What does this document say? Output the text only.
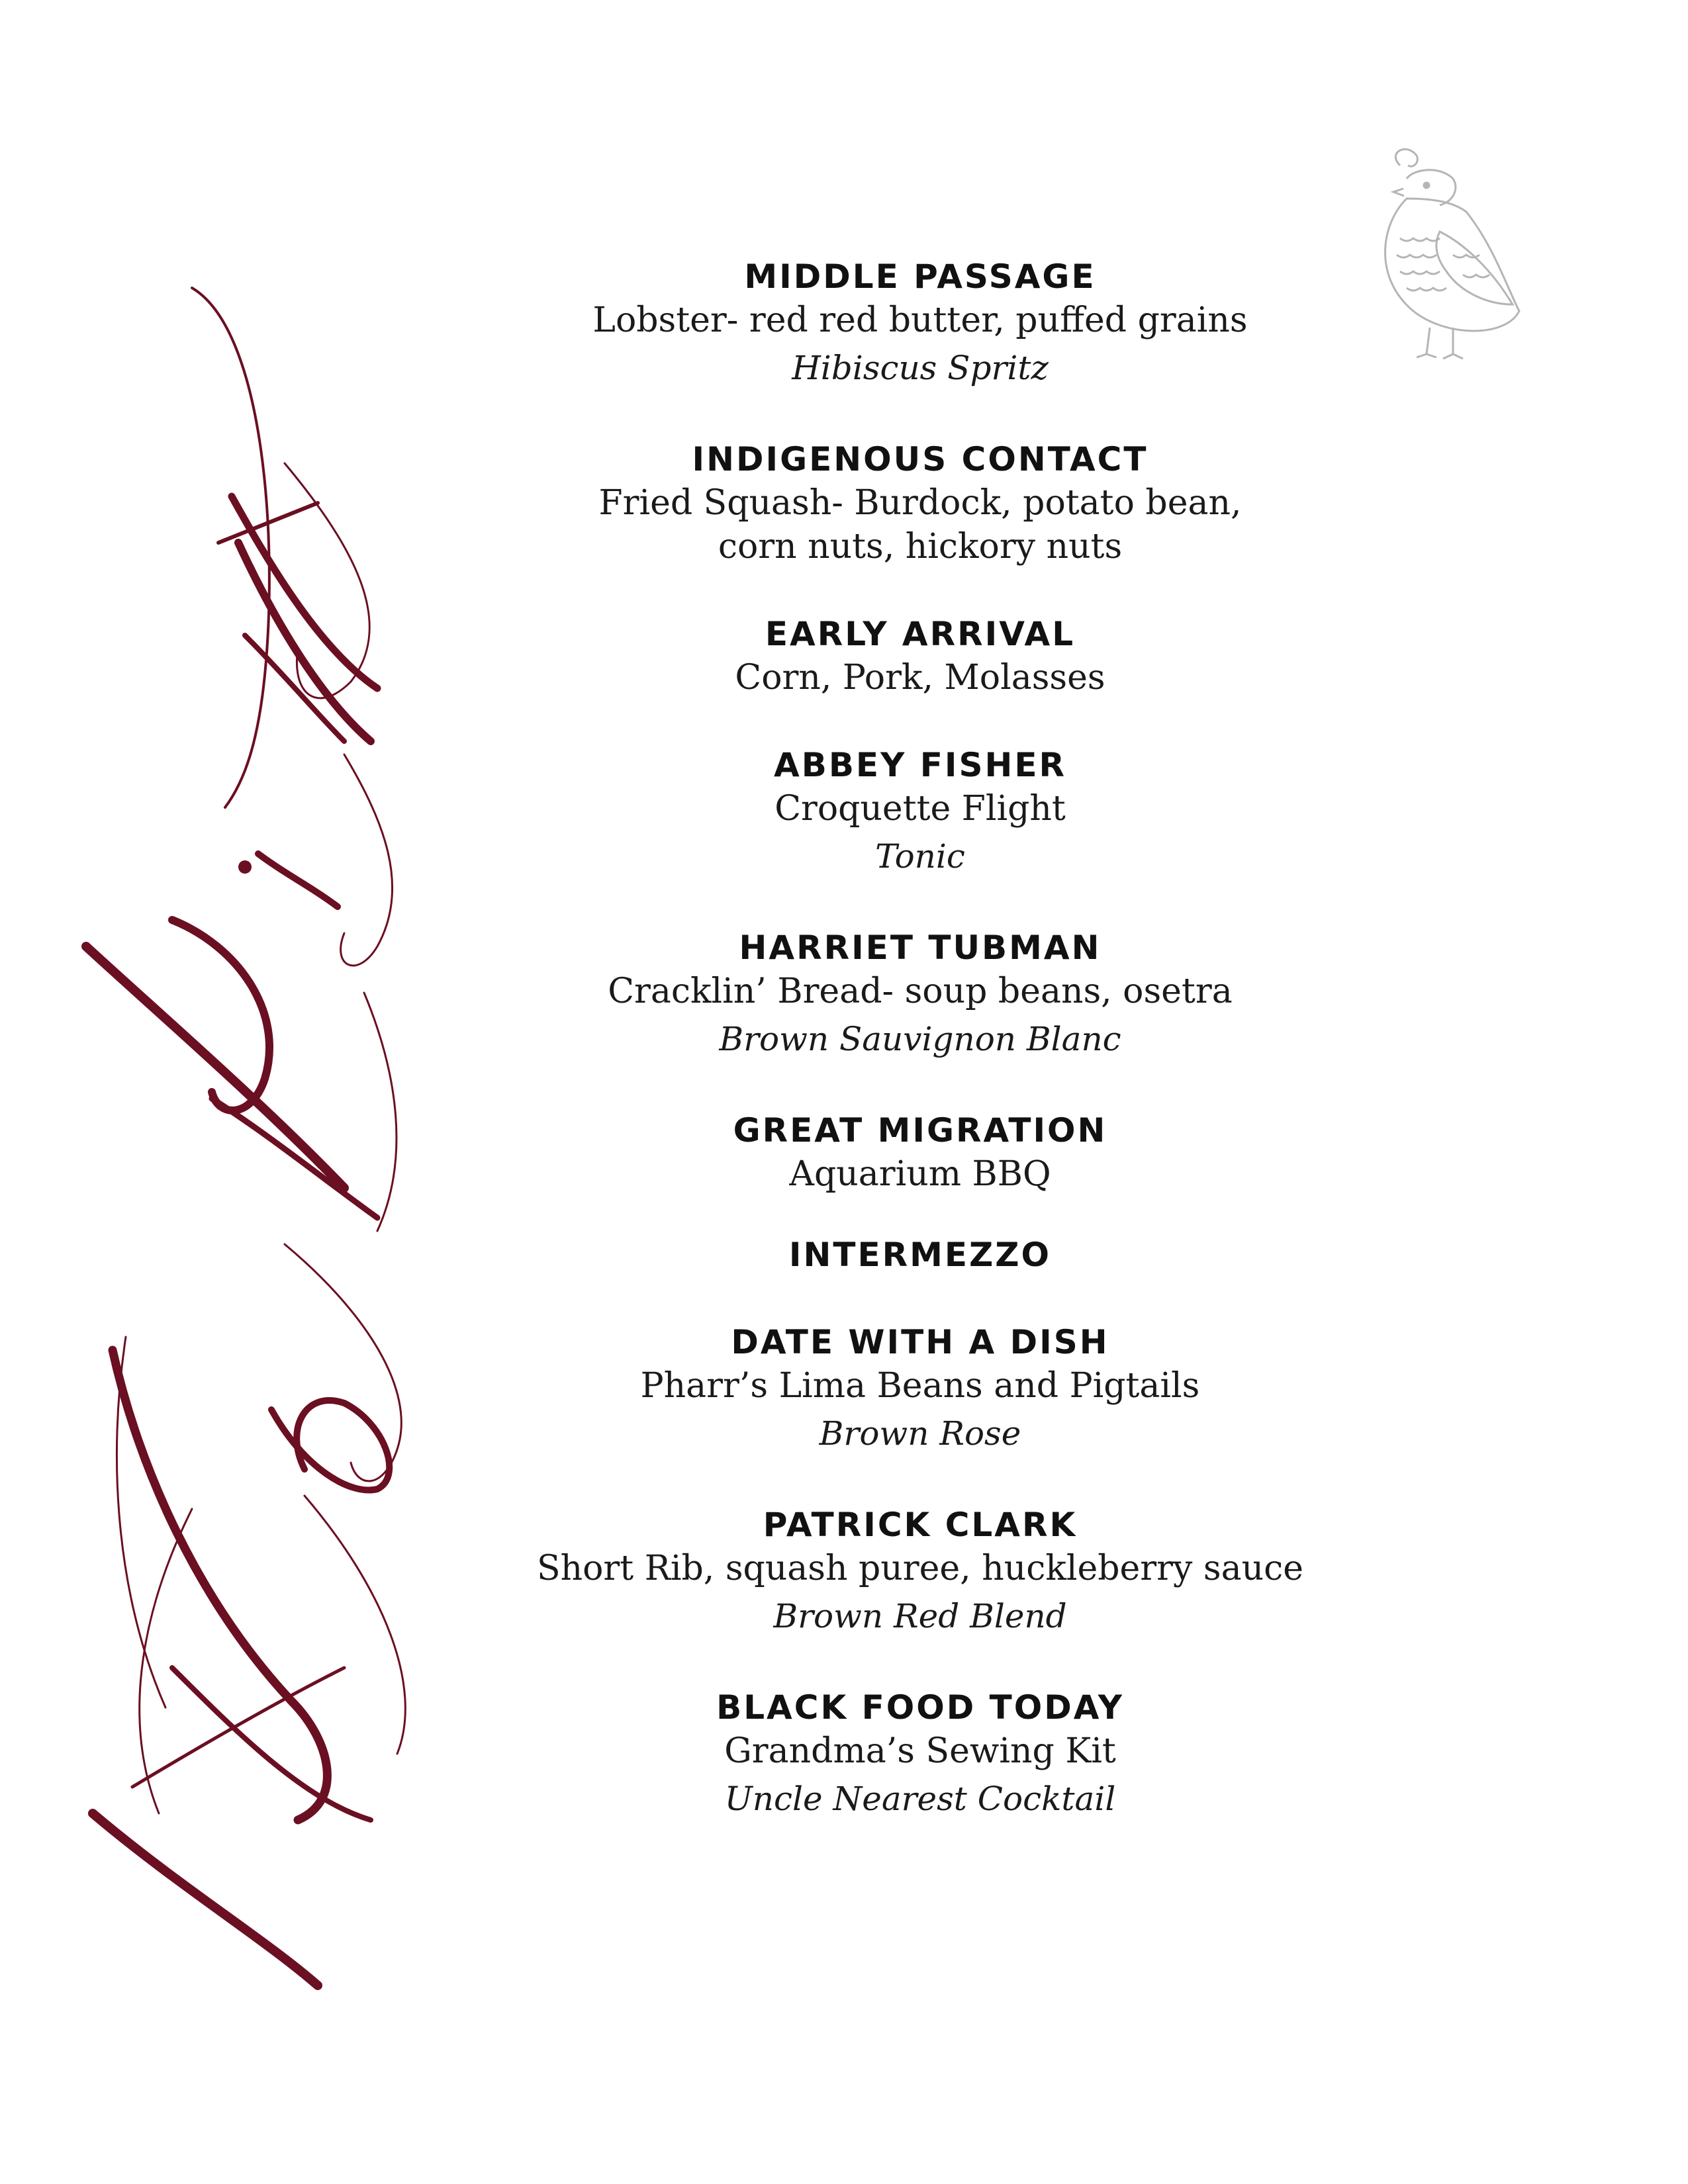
MIDDLE PASSAGE
Lobster- red red butter, puffed grains
Hibiscus Spritz
INDIGENOUS CONTACT
Fried Squash- Burdock, potato bean,
corn nuts, hickory nuts
EARLY ARRIVAL
Corn, Pork, Molasses
ABBEY FISHER
Croquette Flight
Tonic
HARRIET TUBMAN
Cracklin’ Bread- soup beans, osetra
Brown Sauvignon Blanc
GREAT MIGRATION
Aquarium BBQ
INTERMEZZO
DATE WITH A DISH
Pharr’s Lima Beans and Pigtails
Brown Rose
PATRICK CLARK
Short Rib, squash puree, huckleberry sauce
Brown Red Blend
BLACK FOOD TODAY
Grandma’s Sewing Kit
Uncle Nearest Cocktail
